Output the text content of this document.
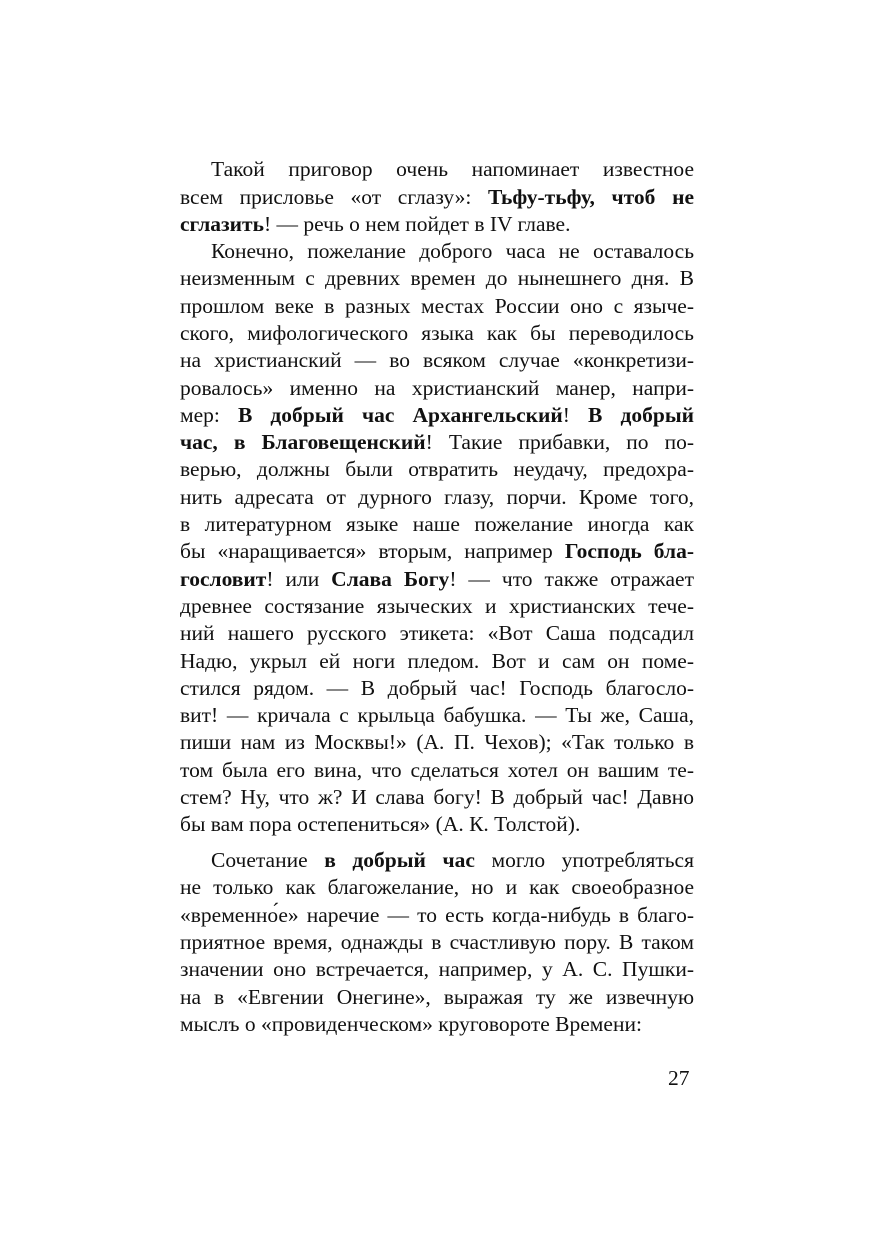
Такой приговор очень напоминает известное
всем присловье «от сглазу»: Тьфу-тьфу, чтоб не
сглазить! — речь о нем пойдет в IV главе.
Конечно, пожелание доброго часа не оставалось
неизменным с древних времен до нынешнего дня. В
прошлом веке в разных местах России оно с языче-
ского, мифологического языка как бы переводилось
на христианский — во всяком случае «конкретизи-
ровалось» именно на христианский манер, напри-
мер: В добрый час Архангельский! В добрый
час, в Благовещенский! Такие прибавки, по по-
верью, должны были отвратить неудачу, предохра-
нить адресата от дурного глазу, порчи. Кроме того,
в литературном языке наше пожелание иногда как
бы «наращивается» вторым, например Господь бла-
гословит! или Слава Богу! — что также отражает
древнее состязание языческих и христианских тече-
ний нашего русского этикета: «Вот Саша подсадил
Надю, укрыл ей ноги пледом. Вот и сам он поме-
стился рядом. — В добрый час! Господь благосло-
вит! — кричала с крыльца бабушка. — Ты же, Саша,
пиши нам из Москвы!» (А. П. Чехов); «Так только в
том была его вина, что сделаться хотел он вашим те-
стем? Ну, что ж? И слава богу! В добрый час! Давно
бы вам пора остепениться» (А. К. Толстой).
Сочетание в добрый час могло употребляться
не только как благожелание, но и как своеобразное
«временно́е» наречие — то есть когда-нибудь в благо-
приятное время, однажды в счастливую пору. В таком
значении оно встречается, например, у А. С. Пушки-
на в «Евгении Онегине», выражая ту же извечную
мыслъ о «провиденческом» круговороте Времени:
27
